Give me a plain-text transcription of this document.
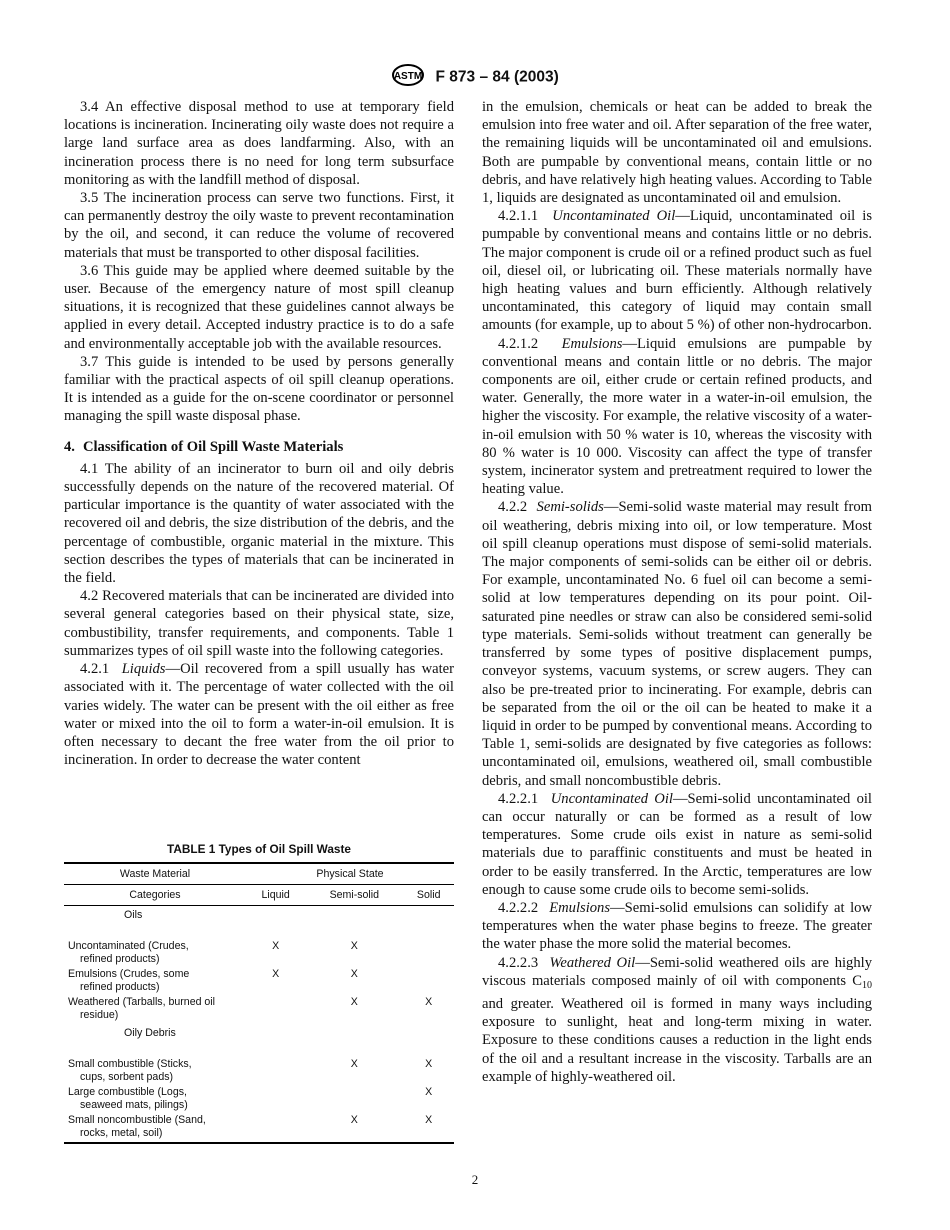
ASTM F 873 – 84 (2003)

3.4 An effective disposal method to use at temporary field locations is incineration. Incinerating oily waste does not require a large land surface area as does landfarming. Also, with an incineration process there is no need for long term subsurface monitoring as with the landfill method of disposal.

3.5 The incineration process can serve two functions. First, it can permanently destroy the oily waste to prevent recontamination by the oil, and second, it can reduce the volume of recovered materials that must be transported to other disposal facilities.

3.6 This guide may be applied where deemed suitable by the user. Because of the emergency nature of most spill cleanup situations, it is recognized that these guidelines cannot always be applied in every detail. Accepted industry practice is to do a safe and environmentally acceptable job with the available resources.

3.7 This guide is intended to be used by persons generally familiar with the practical aspects of oil spill cleanup operations. It is intended as a guide for the on-scene coordinator or personnel managing the spill waste disposal phase.

4. Classification of Oil Spill Waste Materials

4.1 The ability of an incinerator to burn oil and oily debris successfully depends on the nature of the recovered material. Of particular importance is the quantity of water associated with the recovered oil and debris, the size distribution of the debris, and the percentage of combustible, organic material in the mixture. This section describes the types of materials that can be incinerated in the field.

4.2 Recovered materials that can be incinerated are divided into several general categories based on their physical state, size, combustibility, transfer requirements, and components. Table 1 summarizes types of oil spill waste into the following categories.

4.2.1 Liquids—Oil recovered from a spill usually has water associated with it. The percentage of water collected with the oil varies widely. The water can be present with the oil either as free water or mixed into the oil to form a water-in-oil emulsion. It is often necessary to decant the free water from the oil prior to incineration. In order to decrease the water content

TABLE 1 Types of Oil Spill Waste
Waste Material	Physical State		
Categories	Liquid	Semi-solid	Solid
Oils			
Uncontaminated (Crudes,
refined products)	X	X	
Emulsions (Crudes, some
refined products)	X	X	
Weathered (Tarballs, burned oil
residue)		X	X
Oily Debris			
Small combustible (Sticks,
cups, sorbent pads)		X	X
Large combustible (Logs,
seaweed mats, pilings)			X
Small noncombustible (Sand,
rocks, metal, soil)		X	X

in the emulsion, chemicals or heat can be added to break the emulsion into free water and oil. After separation of the free water, the remaining liquids will be uncontaminated oil and emulsions. Both are pumpable by conventional means, contain little or no debris, and have relatively high heating values. According to Table 1, liquids are designated as uncontaminated oil and emulsion.

4.2.1.1 Uncontaminated Oil—Liquid, uncontaminated oil is pumpable by conventional means and contains little or no debris. The major component is crude oil or a refined product such as fuel oil, diesel oil, or lubricating oil. These materials normally have high heating values and burn efficiently. Although relatively uncontaminated, this category of liquid may contain small amounts (for example, up to about 5 %) of other non-hydrocarbon.

4.2.1.2 Emulsions—Liquid emulsions are pumpable by conventional means and contain little or no debris. The major components are oil, either crude or certain refined products, and water. Generally, the more water in a water-in-oil emulsion, the higher the viscosity. For example, the relative viscosity of a water-in-oil emulsion with 50 % water is 10, whereas the viscosity with 80 % water is 10 000. Viscosity can affect the type of transfer system, incinerator system and pretreatment required to lower the heating value.

4.2.2 Semi-solids—Semi-solid waste material may result from oil weathering, debris mixing into oil, or low temperature. Most oil spill cleanup operations must dispose of semi-solid materials. The major components of semi-solids can be either oil or debris. For example, uncontaminated No. 6 fuel oil can become a semi-solid at low temperatures depending on its pour point. Oil-saturated pine needles or straw can also be considered semi-solid type materials. Semi-solids without treatment can generally be transferred by some types of positive displacement pumps, conveyor systems, vacuum systems, or screw augers. They can also be pre-treated prior to incinerating. For example, debris can be separated from the oil or the oil can be heated to make it a liquid in order to be pumped by conventional means. According to Table 1, semi-solids are designated by five categories as follows: uncontaminated oil, emulsions, weathered oil, small combustible debris, and small noncombustible debris.

4.2.2.1 Uncontaminated Oil—Semi-solid uncontaminated oil can occur naturally or can be formed as a result of low temperatures. Some crude oils exist in nature as semi-solid materials due to paraffinic constituents and must be heated in order to be easily transferred. In the Arctic, temperatures are low enough to cause some crude oils to become semi-solids.

4.2.2.2 Emulsions—Semi-solid emulsions can solidify at low temperatures when the water phase begins to freeze. The greater the water phase the more solid the material becomes.

4.2.2.3 Weathered Oil—Semi-solid weathered oils are highly viscous materials composed mainly of oil with components $C_{10}$ and greater. Weathered oil is formed in many ways including exposure to sunlight, heat and long-term mixing in water. Exposure to these conditions causes a reduction in the light ends of the oil and a resultant increase in the viscosity. Tarballs are an example of highly-weathered oil.

2
